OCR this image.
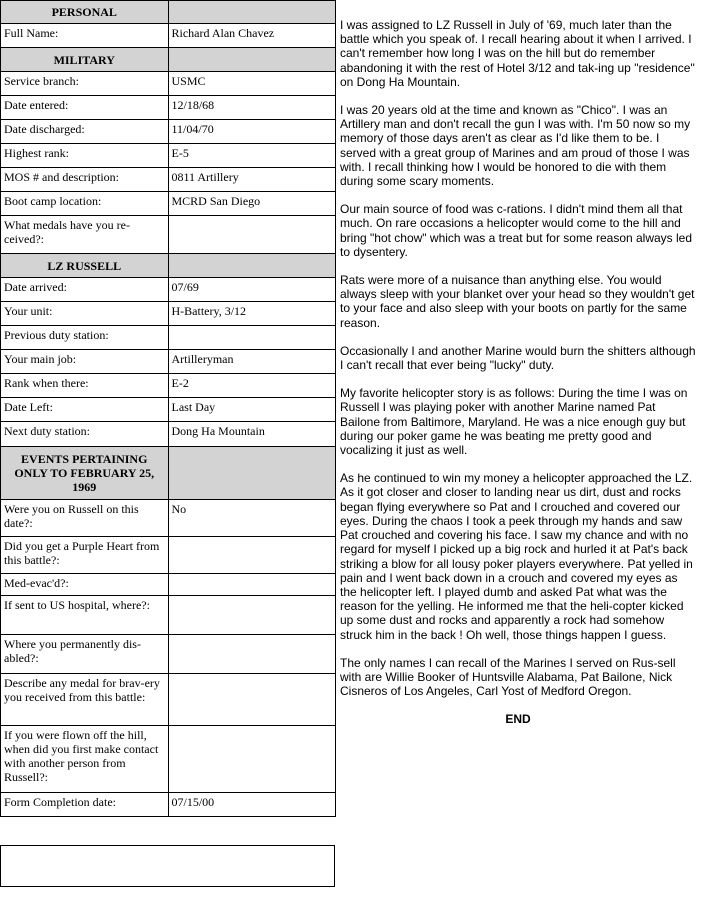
PERSONAL	
Full Name:	Richard Alan Chavez
MILITARY	
Service branch:	USMC
Date entered:	12/18/68
Date discharged:	11/04/70
Highest rank:	E-5
MOS # and description:	0811 Artillery
Boot camp location:	MCRD San Diego
What medals have you re-ceived?:	
LZ RUSSELL	
Date arrived:	07/69
Your unit:	H-Battery, 3/12
Previous duty station:	
Your main job:	Artilleryman
Rank when there:	E-2
Date Left:	Last Day
Next duty station:	Dong Ha Mountain
EVENTS PERTAINING ONLY TO FEBRUARY 25, 1969	
Were you on Russell on this date?:	No
Did you get a Purple Heart from this battle?:	
Med-evac'd?:	
If sent to US hospital, where?:	
Where you permanently dis-abled?:	
Describe any medal for brav-ery you received from this battle:	
If you were flown off the hill, when did you first make contact with another person from Russell?:	
Form Completion date:	07/15/00

I was assigned to LZ Russell in July of '69, much later than the battle which you speak of. I recall hearing about it when I arrived. I can't remember how long I was on the hill but do remember abandoning it with the rest of Hotel 3/12 and tak-ing up "residence" on Dong Ha Mountain.

I was 20 years old at the time and known as "Chico". I was an Artillery man and don't recall the gun I was with. I'm 50 now so my memory of those days aren't as clear as I'd like them to be. I served with a great group of Marines and am proud of those I was with. I recall thinking how I would be honored to die with them during some scary moments.

Our main source of food was c-rations. I didn't mind them all that much. On rare occasions a helicopter would come to the hill and bring "hot chow" which was a treat but for some reason always led to dysentery.

Rats were more of a nuisance than anything else. You would always sleep with your blanket over your head so they wouldn't get to your face and also sleep with your boots on partly for the same reason.

Occasionally I and another Marine would burn the shitters although I can't recall that ever being "lucky" duty.

My favorite helicopter story is as follows: During the time I was on Russell I was playing poker with another Marine named Pat Bailone from Baltimore, Maryland. He was a nice enough guy but during our poker game he was beating me pretty good and vocalizing it just as well.

As he continued to win my money a helicopter approached the LZ. As it got closer and closer to landing near us dirt, dust and rocks began flying everywhere so Pat and I crouched and covered our eyes. During the chaos I took a peek through my hands and saw Pat crouched and covering his face. I saw my chance and with no regard for myself I picked up a big rock and hurled it at Pat's back striking a blow for all lousy poker players everywhere. Pat yelled in pain and I went back down in a crouch and covered my eyes as the helicopter left. I played dumb and asked Pat what was the reason for the yelling. He informed me that the heli-copter kicked up some dust and rocks and apparently a rock had somehow struck him in the back ! Oh well, those things happen I guess.

The only names I can recall of the Marines I served on Rus-sell with are Willie Booker of Huntsville Alabama, Pat Bailone, Nick Cisneros of Los Angeles, Carl Yost of Medford Oregon.

END
